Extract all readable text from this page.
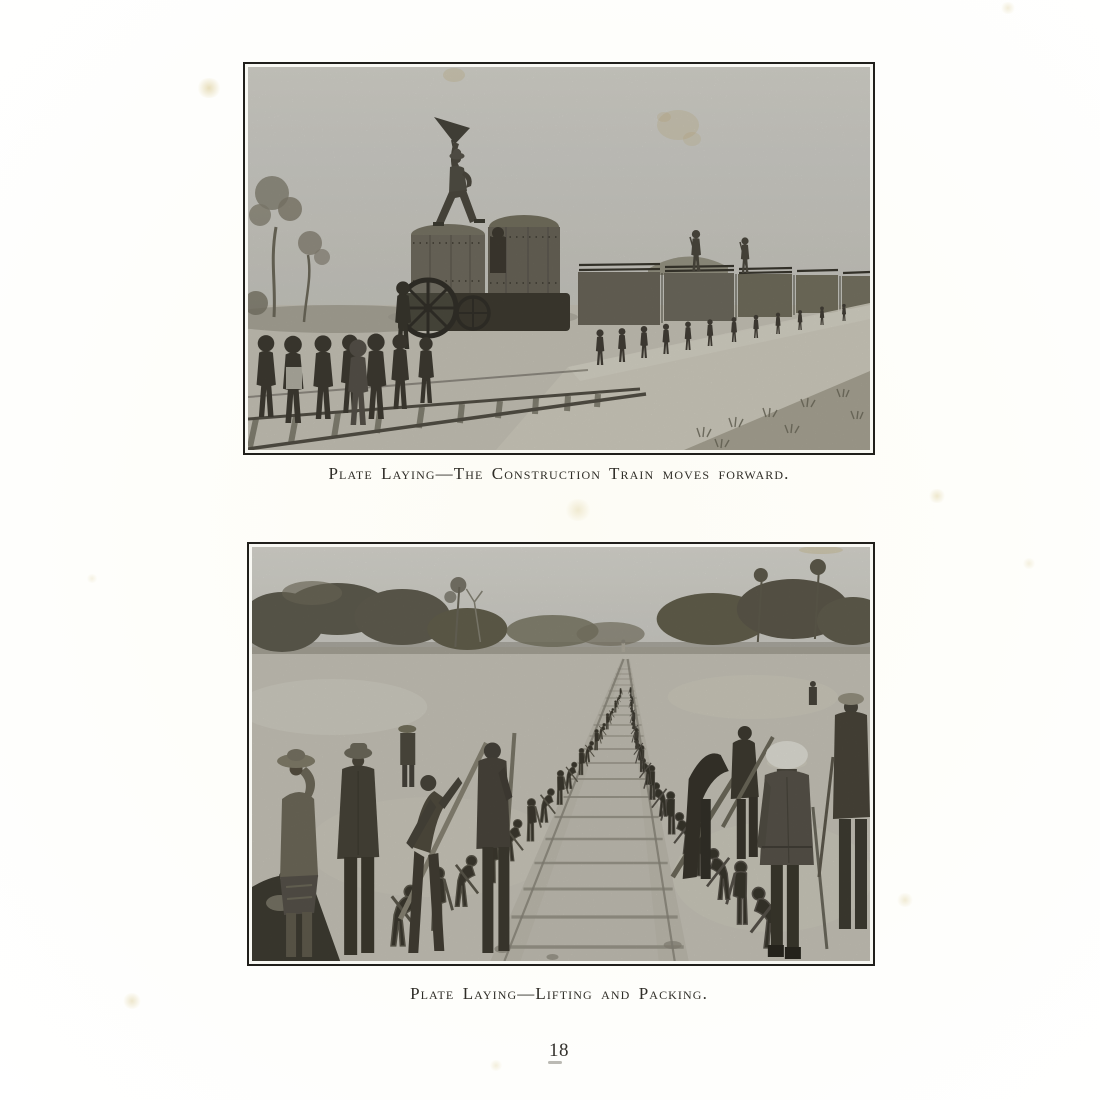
Plate Laying—The Construction Train moves forward.
Plate Laying—Lifting and Packing.
18
